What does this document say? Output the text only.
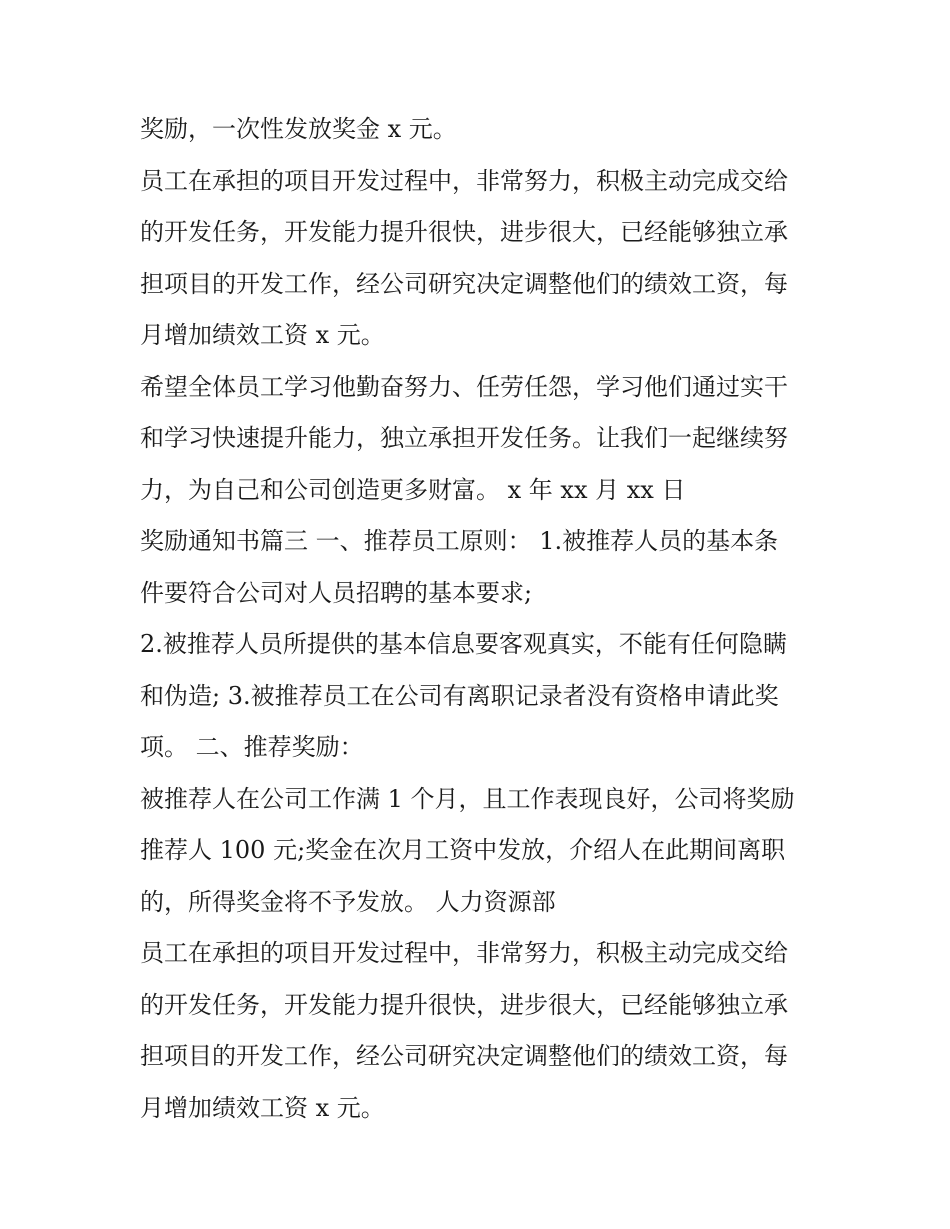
奖励，一次性发放奖金 x 元。
员工在承担的项目开发过程中，非常努力，积极主动完成交给
的开发任务，开发能力提升很快，进步很大，已经能够独立承
担项目的开发工作，经公司研究决定调整他们的绩效工资，每
月增加绩效工资 x 元。
希望全体员工学习他勤奋努力、任劳任怨，学习他们通过实干
和学习快速提升能力，独立承担开发任务。让我们一起继续努
力，为自己和公司创造更多财富。 x 年 xx 月 xx 日
奖励通知书篇三 一、推荐员工原则： 1.被推荐人员的基本条
件要符合公司对人员招聘的基本要求;
2.被推荐人员所提供的基本信息要客观真实，不能有任何隐瞒
和伪造; 3.被推荐员工在公司有离职记录者没有资格申请此奖
项。 二、推荐奖励：
被推荐人在公司工作满 1 个月，且工作表现良好，公司将奖励
推荐人 100 元;奖金在次月工资中发放，介绍人在此期间离职
的，所得奖金将不予发放。 人力资源部
员工在承担的项目开发过程中，非常努力，积极主动完成交给
的开发任务，开发能力提升很快，进步很大，已经能够独立承
担项目的开发工作，经公司研究决定调整他们的绩效工资，每
月增加绩效工资 x 元。
